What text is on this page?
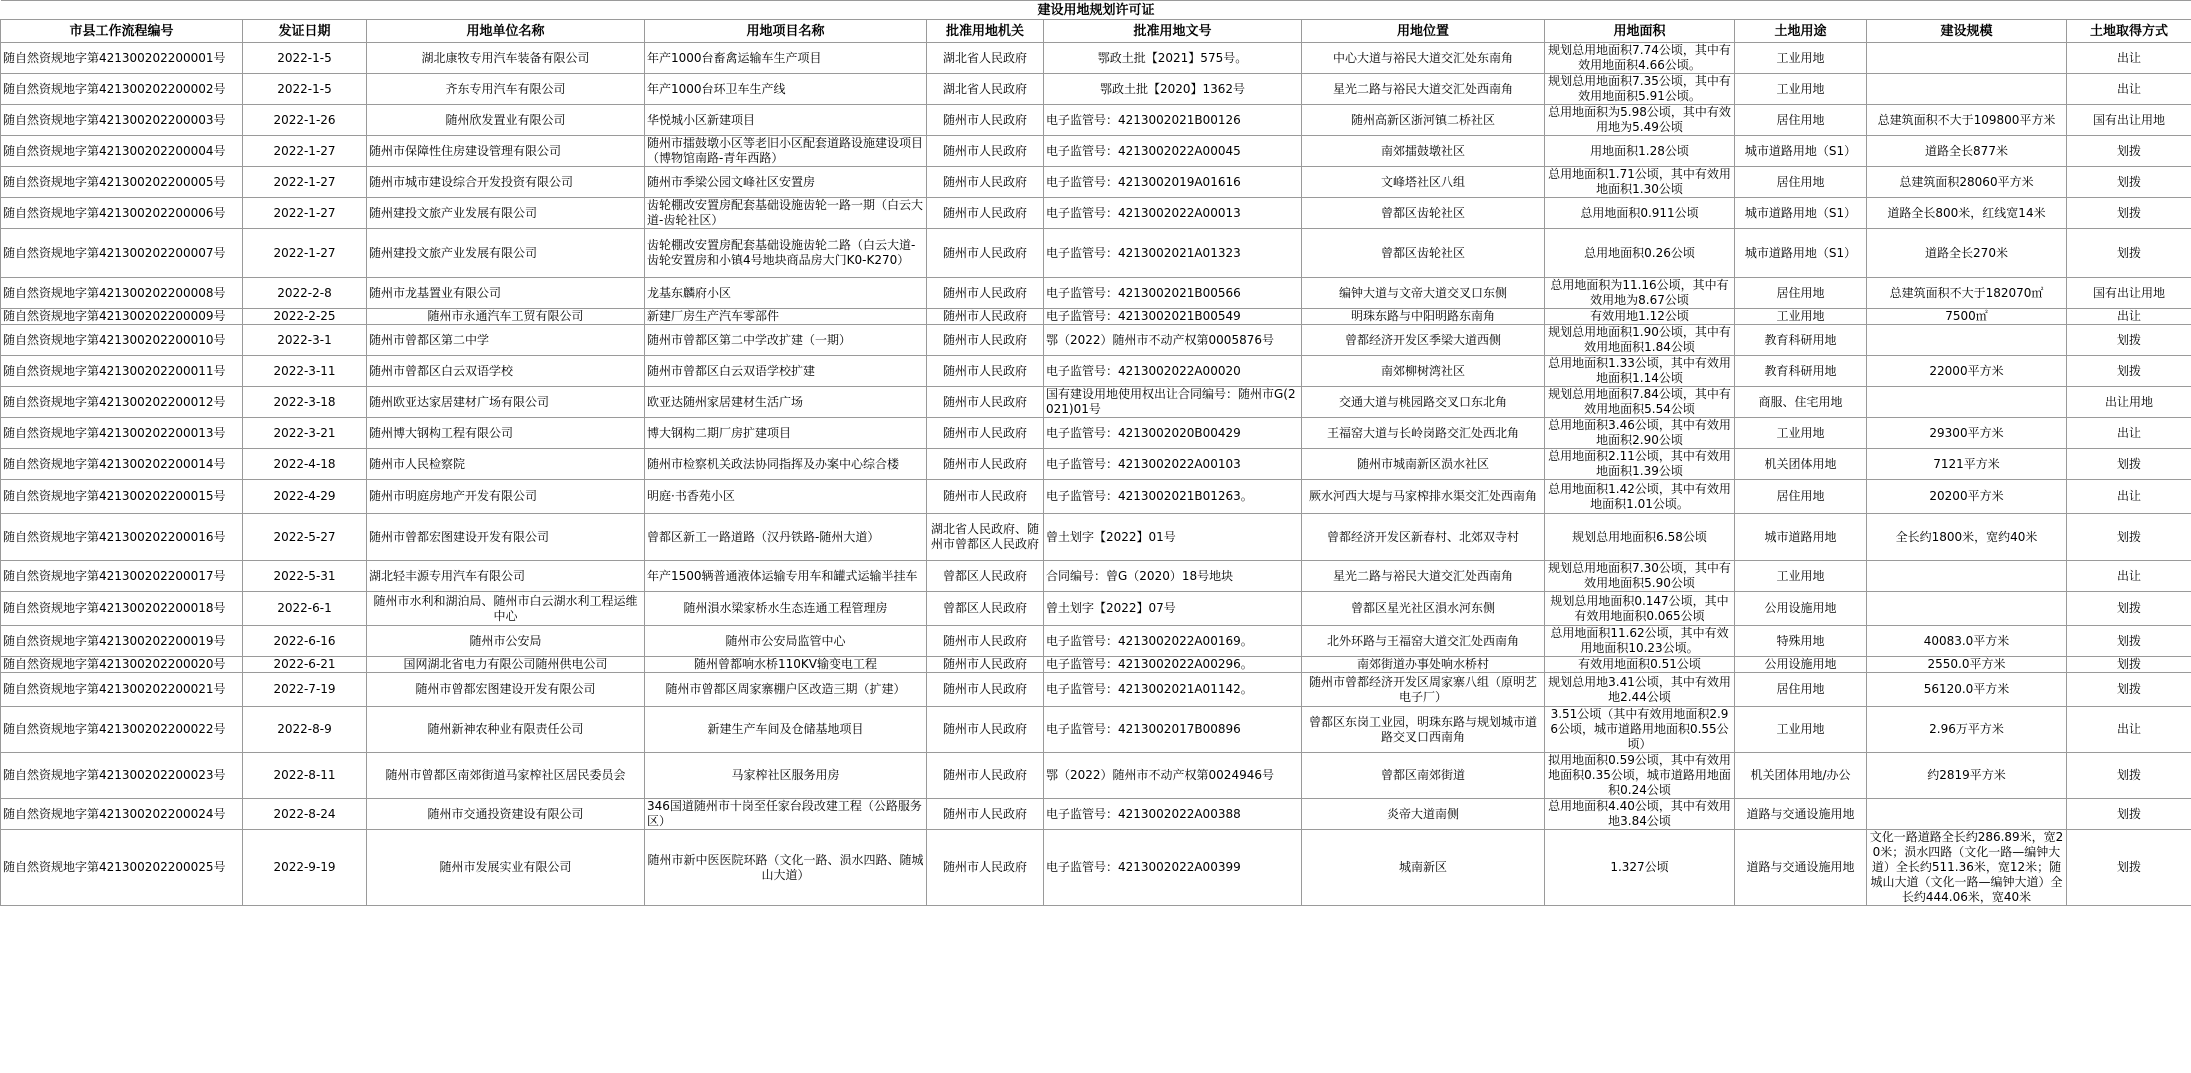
建设用地规划许可证										
市县工作流程编号	发证日期	用地单位名称	用地项目名称	批准用地机关	批准用地文号	用地位置	用地面积	土地用途	建设规模	土地取得方式
随自然资规地字第421300202200001号	2022-1-5	湖北康牧专用汽车装备有限公司	年产1000台畜禽运输车生产项目	湖北省人民政府	鄂政土批【2021】575号。	中心大道与裕民大道交汇处东南角	规划总用地面积7.74公顷，其中有效用地面积4.66公顷。	工业用地		出让
随自然资规地字第421300202200002号	2022-1-5	齐东专用汽车有限公司	年产1000台环卫车生产线	湖北省人民政府	鄂政土批【2020】1362号	星光二路与裕民大道交汇处西南角	规划总用地面积7.35公顷，其中有效用地面积5.91公顷。	工业用地		出让
随自然资规地字第421300202200003号	2022-1-26	随州欣发置业有限公司	华悦城小区新建项目	随州市人民政府	电子监管号：4213002021B00126	随州高新区浙河镇二桥社区	总用地面积为5.98公顷，其中有效用地为5.49公顷	居住用地	总建筑面积不大于109800平方米	国有出让用地
随自然资规地字第421300202200004号	2022-1-27	随州市保障性住房建设管理有限公司	随州市擂鼓墩小区等老旧小区配套道路设施建设项目（博物馆南路-青年西路）	随州市人民政府	电子监管号：4213002022A00045	南郊擂鼓墩社区	用地面积1.28公顷	城市道路用地（S1）	道路全长877米	划拨
随自然资规地字第421300202200005号	2022-1-27	随州市城市建设综合开发投资有限公司	随州市季梁公园文峰社区安置房	随州市人民政府	电子监管号：4213002019A01616	文峰塔社区八组	总用地面积1.71公顷，其中有效用地面积1.30公顷	居住用地	总建筑面积28060平方米	划拨
随自然资规地字第421300202200006号	2022-1-27	随州建投文旅产业发展有限公司	齿轮棚改安置房配套基础设施齿轮一路一期（白云大道-齿轮社区）	随州市人民政府	电子监管号：4213002022A00013	曾都区齿轮社区	总用地面积0.911公顷	城市道路用地（S1）	道路全长800米，红线宽14米	划拨
随自然资规地字第421300202200007号	2022-1-27	随州建投文旅产业发展有限公司	齿轮棚改安置房配套基础设施齿轮二路（白云大道-齿轮安置房和小镇4号地块商品房大门K0-K270）	随州市人民政府	电子监管号：4213002021A01323	曾都区齿轮社区	总用地面积0.26公顷	城市道路用地（S1）	道路全长270米	划拨
随自然资规地字第421300202200008号	2022-2-8	随州市龙基置业有限公司	龙基东麟府小区	随州市人民政府	电子监管号：4213002021B00566	编钟大道与文帝大道交叉口东侧	总用地面积为11.16公顷，其中有效用地为8.67公顷	居住用地	总建筑面积不大于182070㎡	国有出让用地
随自然资规地字第421300202200009号	2022-2-25	随州市永通汽车工贸有限公司	新建厂房生产汽车零部件	随州市人民政府	电子监管号：4213002021B00549	明珠东路与中阳明路东南角	有效用地1.12公顷	工业用地	7500㎡	出让
随自然资规地字第421300202200010号	2022-3-1	随州市曾都区第二中学	随州市曾都区第二中学改扩建（一期）	随州市人民政府	鄂（2022）随州市不动产权第0005876号	曾都经济开发区季梁大道西侧	规划总用地面积1.90公顷，其中有效用地面积1.84公顷	教育科研用地		划拨
随自然资规地字第421300202200011号	2022-3-11	随州市曾都区白云双语学校	随州市曾都区白云双语学校扩建	随州市人民政府	电子监管号：4213002022A00020	南郊柳树湾社区	总用地面积1.33公顷，其中有效用地面积1.14公顷	教育科研用地	22000平方米	划拨
随自然资规地字第421300202200012号	2022-3-18	随州欧亚达家居建材广场有限公司	欧亚达随州家居建材生活广场	随州市人民政府	国有建设用地使用权出让合同编号：随州市G(2021)01号	交通大道与桃园路交叉口东北角	规划总用地面积7.84公顷，其中有效用地面积5.54公顷	商服、住宅用地		出让用地
随自然资规地字第421300202200013号	2022-3-21	随州博大钢构工程有限公司	博大钢构二期厂房扩建项目	随州市人民政府	电子监管号：4213002020B00429	王福窑大道与长岭岗路交汇处西北角	总用地面积3.46公顷，其中有效用地面积2.90公顷	工业用地	29300平方米	出让
随自然资规地字第421300202200014号	2022-4-18	随州市人民检察院	随州市检察机关政法协同指挥及办案中心综合楼	随州市人民政府	电子监管号：4213002022A00103	随州市城南新区涢水社区	总用地面积2.11公顷，其中有效用地面积1.39公顷	机关团体用地	7121平方米	划拨
随自然资规地字第421300202200015号	2022-4-29	随州市明庭房地产开发有限公司	明庭·书香苑小区	随州市人民政府	电子监管号：4213002021B01263。	厥水河西大堤与马家榨排水渠交汇处西南角	总用地面积1.42公顷，其中有效用地面积1.01公顷。	居住用地	20200平方米	出让
随自然资规地字第421300202200016号	2022-5-27	随州市曾都宏图建设开发有限公司	曾都区新工一路道路（汉丹铁路-随州大道）	湖北省人民政府、随州市曾都区人民政府	曾土划字【2022】01号	曾都经济开发区新春村、北郊双寺村	规划总用地面积6.58公顷	城市道路用地	全长约1800米，宽约40米	划拨
随自然资规地字第421300202200017号	2022-5-31	湖北轻丰源专用汽车有限公司	年产1500辆普通液体运输专用车和罐式运输半挂车	曾都区人民政府	合同编号：曾G（2020）18号地块	星光二路与裕民大道交汇处西南角	规划总用地面积7.30公顷，其中有效用地面积5.90公顷	工业用地		出让
随自然资规地字第421300202200018号	2022-6-1	随州市水利和湖泊局、随州市白云湖水利工程运维中心	随州溳水梁家桥水生态连通工程管理房	曾都区人民政府	曾土划字【2022】07号	曾都区星光社区溳水河东侧	规划总用地面积0.147公顷，其中有效用地面积0.065公顷	公用设施用地		划拨
随自然资规地字第421300202200019号	2022-6-16	随州市公安局	随州市公安局监管中心	随州市人民政府	电子监管号：4213002022A00169。	北外环路与王福窑大道交汇处西南角	总用地面积11.62公顷，其中有效用地面积10.23公顷。	特殊用地	40083.0平方米	划拨
随自然资规地字第421300202200020号	2022-6-21	国网湖北省电力有限公司随州供电公司	随州曾都响水桥110KV输变电工程	随州市人民政府	电子监管号：4213002022A00296。	南郊街道办事处响水桥村	有效用地面积0.51公顷	公用设施用地	2550.0平方米	划拨
随自然资规地字第421300202200021号	2022-7-19	随州市曾都宏图建设开发有限公司	随州市曾都区周家寨棚户区改造三期（扩建）	随州市人民政府	电子监管号：4213002021A01142。	随州市曾都经济开发区周家寨八组（原明艺电子厂）	规划总用地3.41公顷，其中有效用地2.44公顷	居住用地	56120.0平方米	划拨
随自然资规地字第421300202200022号	2022-8-9	随州新神农种业有限责任公司	新建生产车间及仓储基地项目	随州市人民政府	电子监管号：4213002017B00896	曾都区东岗工业园，明珠东路与规划城市道路交叉口西南角	3.51公顷（其中有效用地面积2.96公顷，城市道路用地面积0.55公顷）	工业用地	2.96万平方米	出让
随自然资规地字第421300202200023号	2022-8-11	随州市曾都区南郊街道马家榨社区居民委员会	马家榨社区服务用房	随州市人民政府	鄂（2022）随州市不动产权第0024946号	曾都区南郊街道	拟用地面积0.59公顷，其中有效用地面积0.35公顷，城市道路用地面积0.24公顷	机关团体用地/办公	约2819平方米	划拨
随自然资规地字第421300202200024号	2022-8-24	随州市交通投资建设有限公司	346国道随州市十岗至任家台段改建工程（公路服务区）	随州市人民政府	电子监管号：4213002022A00388	炎帝大道南侧	总用地面积4.40公顷，其中有效用地3.84公顷	道路与交通设施用地		划拨
随自然资规地字第421300202200025号	2022-9-19	随州市发展实业有限公司	随州市新中医医院环路（文化一路、涢水四路、随城山大道）	随州市人民政府	电子监管号：4213002022A00399	城南新区	1.327公顷	道路与交通设施用地	文化一路道路全长约286.89米，宽20米；涢水四路（文化一路—编钟大道）全长约511.36米，宽12米；随城山大道（文化一路—编钟大道）全长约444.06米，宽40米	划拨
